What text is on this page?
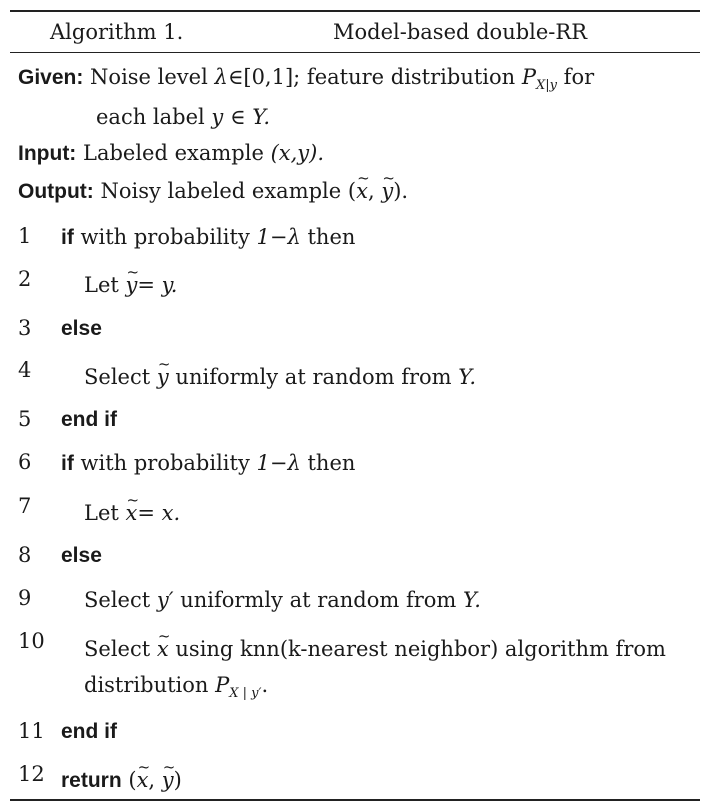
Algorithm 1.	Model-based double-RR
Given: Noise level λ∈[0,1]; feature distribution $P_{X|y}$ for
each label y ∈ Y.
Input: Labeled example (x,y).
Output: Noisy labeled example (~ x, ~ y).
1 if with probability 1−λ then
2	Let ~ y= y.
3 else
4	Select ~ y uniformly at random from Y.
5 end if
6 if with probability 1−λ then
7	Let ~ x= x.
8 else
9	Select y′ uniformly at random from Y.
10 Select ~ x using knn(k-nearest neighbor) algorithm from
distribution $P_{X | y'}$.
11 end if
12 return (~ x, ~ y)
